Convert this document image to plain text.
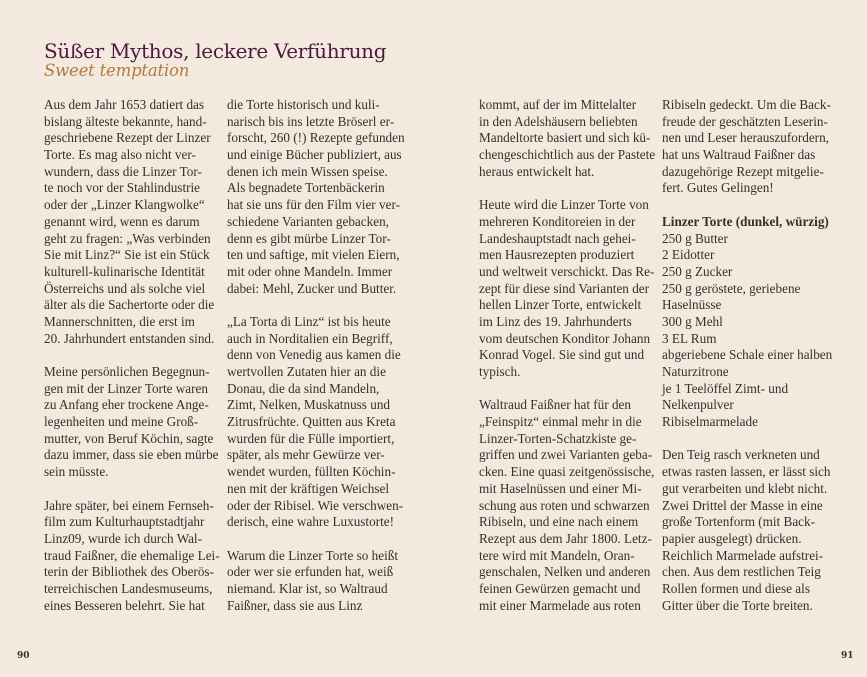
Süßer Mythos, leckere Verführung
Sweet temptation
Aus dem Jahr 1653 datiert das
bislang älteste bekannte, hand-
geschriebene Rezept der Linzer
Torte. Es mag also nicht ver-
wundern, dass die Linzer Tor-
te noch vor der Stahlindustrie
oder der „Linzer Klangwolke“
genannt wird, wenn es darum
geht zu fragen: „Was verbinden
Sie mit Linz?“ Sie ist ein Stück
kulturell-kulinarische Identität
Österreichs und als solche viel
älter als die Sachertorte oder die
Mannerschnitten, die erst im
20. Jahrhundert entstanden sind.
Meine persönlichen Begegnun-
gen mit der Linzer Torte waren
zu Anfang eher trockene Ange-
legenheiten und meine Groß-
mutter, von Beruf Köchin, sagte
dazu immer, dass sie eben mürbe
sein müsste.
Jahre später, bei einem Fernseh-
film zum Kulturhauptstadtjahr
Linz09, wurde ich durch Wal-
traud Faißner, die ehemalige Lei-
terin der Bibliothek des Oberös-
terreichischen Landesmuseums,
eines Besseren belehrt. Sie hat
die Torte historisch und kuli-
narisch bis ins letzte Bröserl er-
forscht, 260 (!) Rezepte gefunden
und einige Bücher publiziert, aus
denen ich mein Wissen speise.
Als begnadete Tortenbäckerin
hat sie uns für den Film vier ver-
schiedene Varianten gebacken,
denn es gibt mürbe Linzer Tor-
ten und saftige, mit vielen Eiern,
mit oder ohne Mandeln. Immer
dabei: Mehl, Zucker und Butter.
„La Torta di Linz“ ist bis heute
auch in Norditalien ein Begriff,
denn von Venedig aus kamen die
wertvollen Zutaten hier an die
Donau, die da sind Mandeln,
Zimt, Nelken, Muskatnuss und
Zitrusfrüchte. Quitten aus Kreta
wurden für die Fülle importiert,
später, als mehr Gewürze ver-
wendet wurden, füllten Köchin-
nen mit der kräftigen Weichsel
oder der Ribisel. Wie verschwen-
derisch, eine wahre Luxustorte!
Warum die Linzer Torte so heißt
oder wer sie erfunden hat, weiß
niemand. Klar ist, so Waltraud
Faißner, dass sie aus Linz
kommt, auf der im Mittelalter
in den Adelshäusern beliebten
Mandeltorte basiert und sich kü-
chengeschichtlich aus der Pastete
heraus entwickelt hat.
Heute wird die Linzer Torte von
mehreren Konditoreien in der
Landeshauptstadt nach gehei-
men Hausrezepten produziert
und weltweit verschickt. Das Re-
zept für diese sind Varianten der
hellen Linzer Torte, entwickelt
im Linz des 19. Jahrhunderts
vom deutschen Konditor Johann
Konrad Vogel. Sie sind gut und
typisch.
Waltraud Faißner hat für den
„Feinspitz“ einmal mehr in die
Linzer-Torten-Schatzkiste ge-
griffen und zwei Varianten geba-
cken. Eine quasi zeitgenössische,
mit Haselnüssen und einer Mi-
schung aus roten und schwarzen
Ribiseln, und eine nach einem
Rezept aus dem Jahr 1800. Letz-
tere wird mit Mandeln, Oran-
genschalen, Nelken und anderen
feinen Gewürzen gemacht und
mit einer Marmelade aus roten
Ribiseln gedeckt. Um die Back-
freude der geschätzten Leserin-
nen und Leser herauszufordern,
hat uns Waltraud Faißner das
dazugehörige Rezept mitgelie-
fert. Gutes Gelingen!
Linzer Torte (dunkel, würzig)
250 g Butter
2 Eidotter
250 g Zucker
250 g geröstete, geriebene
Haselnüsse
300 g Mehl
3 EL Rum
abgeriebene Schale einer halben
Naturzitrone
je 1 Teelöffel Zimt- und
Nelkenpulver
Ribiselmarmelade
Den Teig rasch verkneten und
etwas rasten lassen, er lässt sich
gut verarbeiten und klebt nicht.
Zwei Drittel der Masse in eine
große Tortenform (mit Back-
papier ausgelegt) drücken.
Reichlich Marmelade aufstrei-
chen. Aus dem restlichen Teig
Rollen formen und diese als
Gitter über die Torte breiten.
90	91
